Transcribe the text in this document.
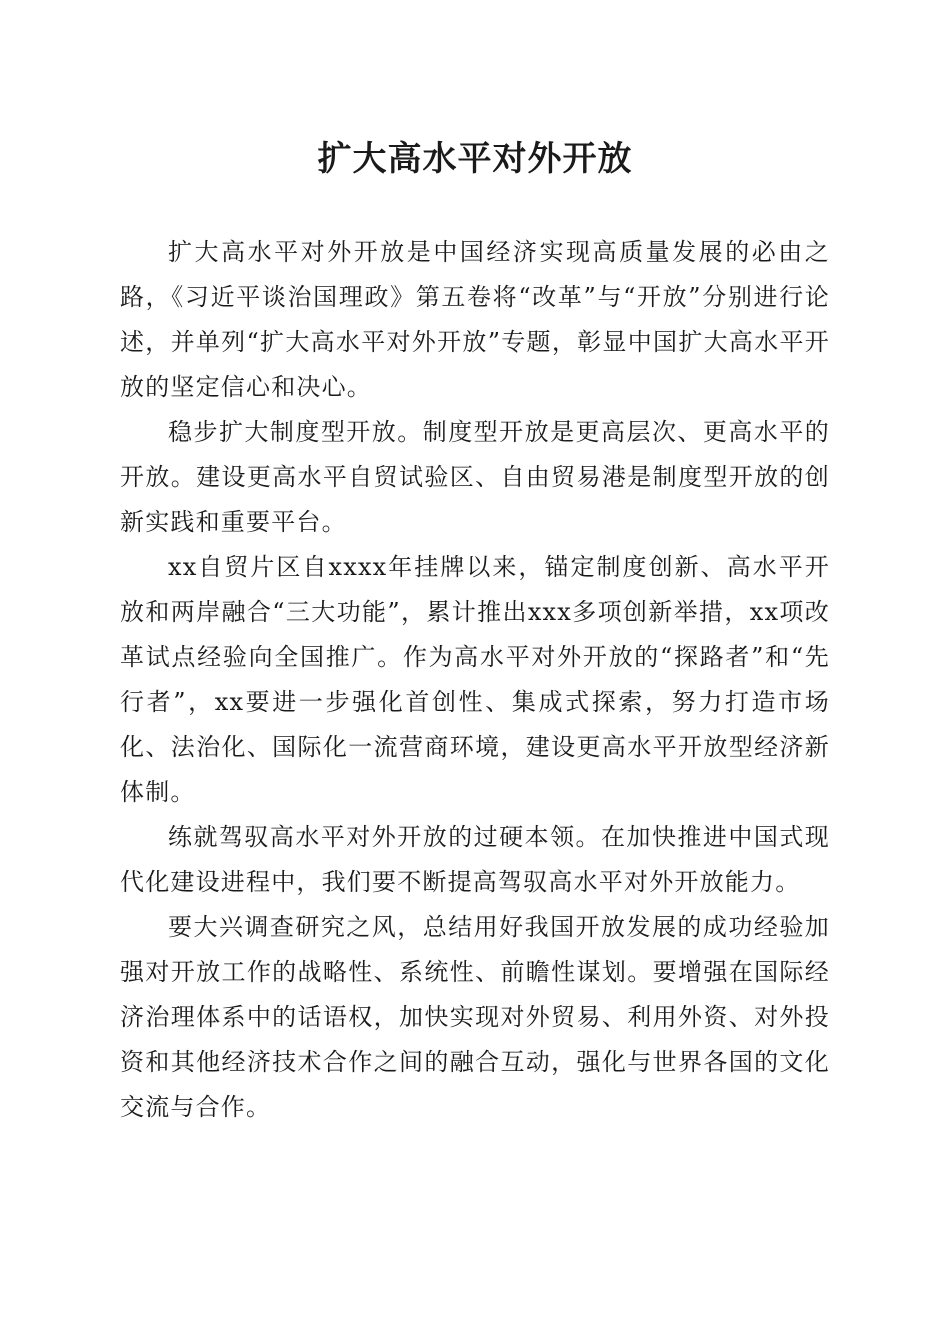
扩大高水平对外开放

扩大高水平对外开放是中国经济实现高质量发展的必由之路，《习近平谈治国理政》第五卷将“改革”与“开放”分别进行论述，并单列“扩大高水平对外开放”专题，彰显中国扩大高水平开放的坚定信心和决心。

稳步扩大制度型开放。制度型开放是更高层次、更高水平的开放。建设更高水平自贸试验区、自由贸易港是制度型开放的创新实践和重要平台。

xx自贸片区自xxxx年挂牌以来，锚定制度创新、高水平开放和两岸融合“三大功能”，累计推出xxx多项创新举措，xx项改革试点经验向全国推广。作为高水平对外开放的“探路者”和“先行者”，xx要进一步强化首创性、集成式探索，努力打造市场化、法治化、国际化一流营商环境，建设更高水平开放型经济新体制。

练就驾驭高水平对外开放的过硬本领。在加快推进中国式现代化建设进程中，我们要不断提高驾驭高水平对外开放能力。

要大兴调查研究之风，总结用好我国开放发展的成功经验加强对开放工作的战略性、系统性、前瞻性谋划。要增强在国际经济治理体系中的话语权，加快实现对外贸易、利用外资、对外投资和其他经济技术合作之间的融合互动，强化与世界各国的文化交流与合作。
